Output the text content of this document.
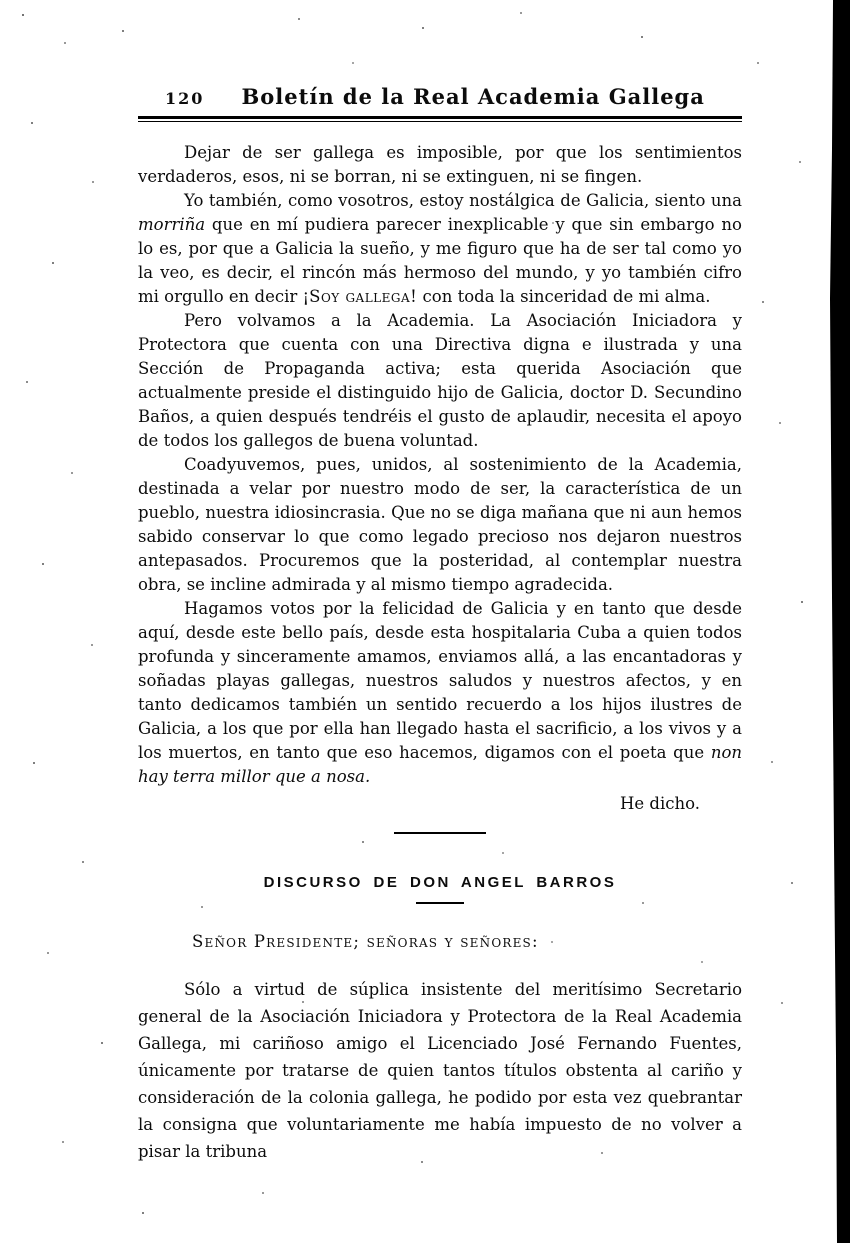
120	Boletín de la Real Academia Gallega

Dejar de ser gallega es imposible, por que los sentimientos verdaderos, esos, ni se borran, ni se extinguen, ni se fingen.

Yo también, como vosotros, estoy nostálgica de Galicia, siento una morriña que en mí pudiera parecer inexplicable y que sin embargo no lo es, por que a Galicia la sueño, y me figuro que ha de ser tal como yo la veo, es decir, el rincón más hermoso del mundo, y yo también cifro mi orgullo en decir ¡Soy gallega! con toda la sinceridad de mi alma.

Pero volvamos a la Academia. La Asociación Iniciadora y Protectora que cuenta con una Directiva digna e ilustrada y una Sección de Propaganda activa; esta querida Asociación que actualmente preside el distinguido hijo de Galicia, doctor D. Secundino Baños, a quien después tendréis el gusto de aplaudir, necesita el apoyo de todos los gallegos de buena voluntad.

Coadyuvemos, pues, unidos, al sostenimiento de la Academia, destinada a velar por nuestro modo de ser, la característica de un pueblo, nuestra idiosincrasia. Que no se diga mañana que ni aun hemos sabido conservar lo que como legado precioso nos dejaron nuestros antepasados. Procuremos que la posteridad, al contemplar nuestra obra, se incline admirada y al mismo tiempo agradecida.

Hagamos votos por la felicidad de Galicia y en tanto que desde aquí, desde este bello país, desde esta hospitalaria Cuba a quien todos profunda y sinceramente amamos, enviamos allá, a las encantadoras y soñadas playas gallegas, nuestros saludos y nuestros afectos, y en tanto dedicamos también un sentido recuerdo a los hijos ilustres de Galicia, a los que por ella han llegado hasta el sacrificio, a los vivos y a los muertos, en tanto que eso hacemos, digamos con el poeta que non hay terra millor que a nosa.

He dicho.

DISCURSO DE DON ANGEL BARROS

Señor Presidente; señoras y señores:

Sólo a virtud de súplica insistente del meritísimo Secretario general de la Asociación Iniciadora y Protectora de la Real Academia Gallega, mi cariñoso amigo el Licenciado José Fernando Fuentes, únicamente por tratarse de quien tantos títulos obstenta al cariño y consideración de la colonia gallega, he podido por esta vez quebrantar la consigna que voluntariamente me había impuesto de no volver a pisar la tribuna
